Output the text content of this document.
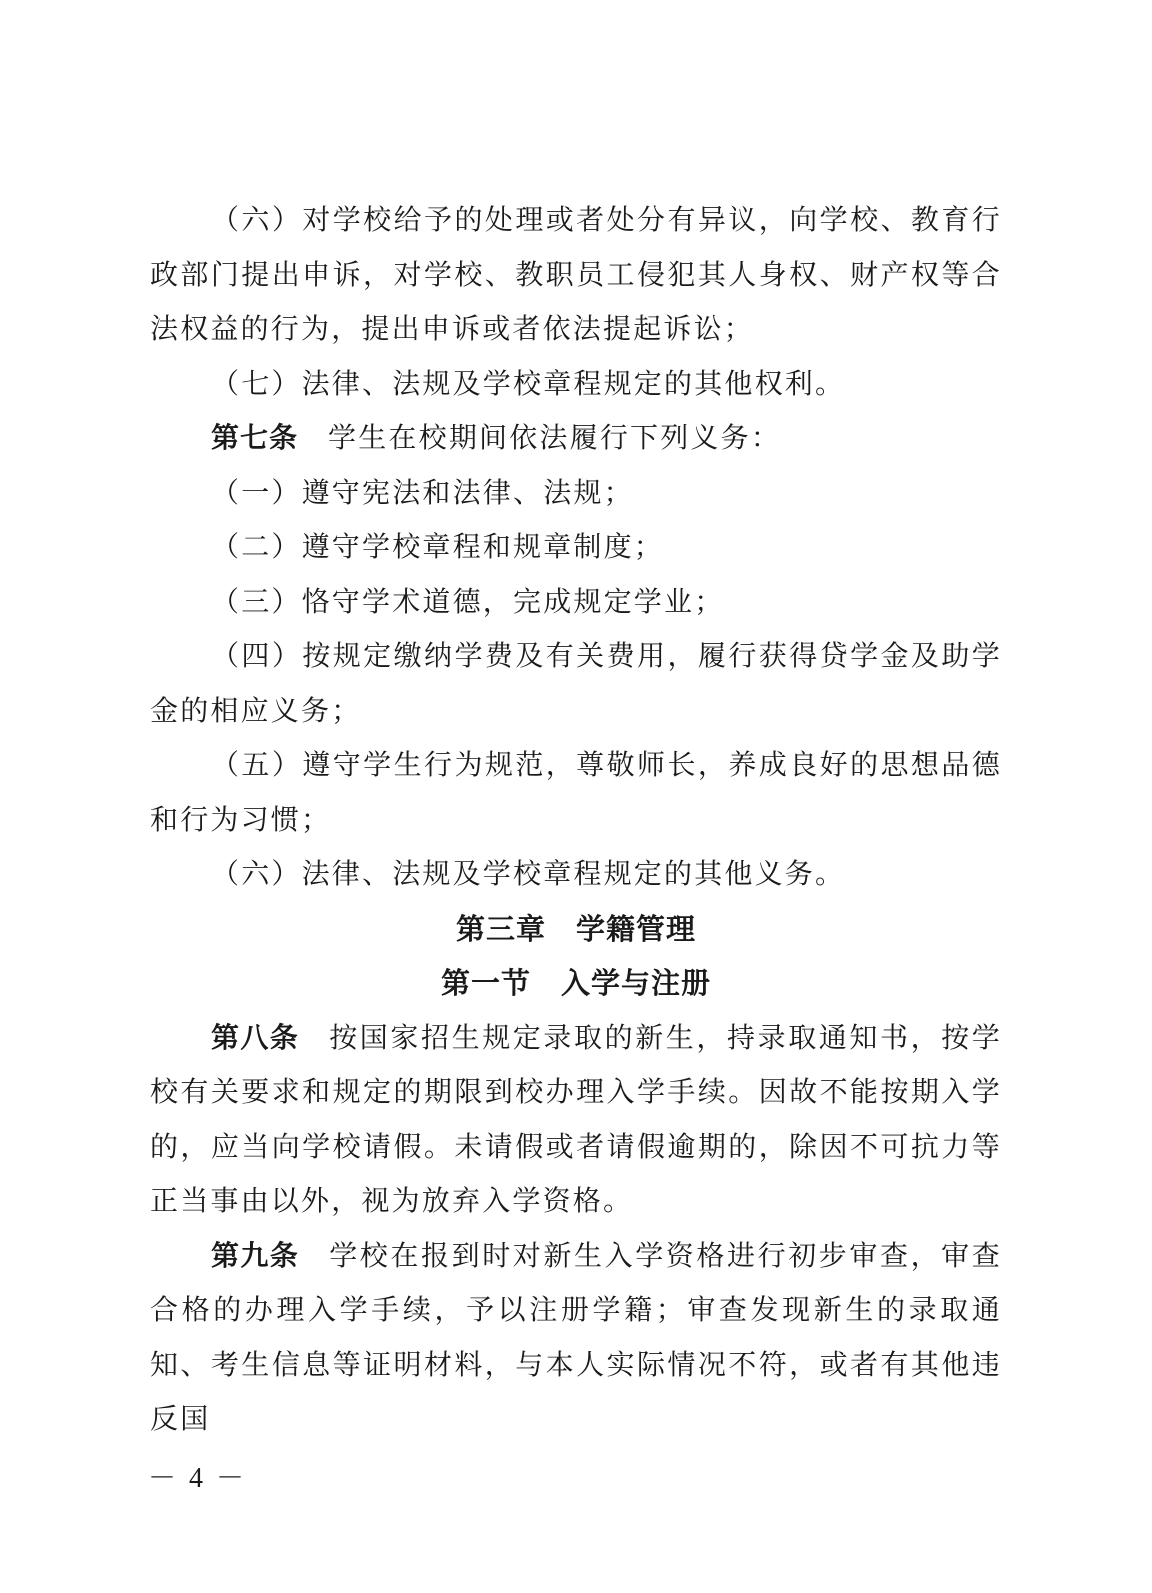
（六）对学校给予的处理或者处分有异议，向学校、教育行政部门提出申诉，对学校、教职员工侵犯其人身权、财产权等合法权益的行为，提出申诉或者依法提起诉讼；

（七）法律、法规及学校章程规定的其他权利。

第七条 学生在校期间依法履行下列义务：

（一）遵守宪法和法律、法规；

（二）遵守学校章程和规章制度；

（三）恪守学术道德，完成规定学业；

（四）按规定缴纳学费及有关费用，履行获得贷学金及助学金的相应义务；

（五）遵守学生行为规范，尊敬师长，养成良好的思想品德和行为习惯；

（六）法律、法规及学校章程规定的其他义务。

第三章 学籍管理

第一节 入学与注册

第八条 按国家招生规定录取的新生，持录取通知书，按学校有关要求和规定的期限到校办理入学手续。因故不能按期入学的，应当向学校请假。未请假或者请假逾期的，除因不可抗力等正当事由以外，视为放弃入学资格。

第九条 学校在报到时对新生入学资格进行初步审查，审查合格的办理入学手续，予以注册学籍；审查发现新生的录取通知、考生信息等证明材料，与本人实际情况不符，或者有其他违反国

－ 4 －
